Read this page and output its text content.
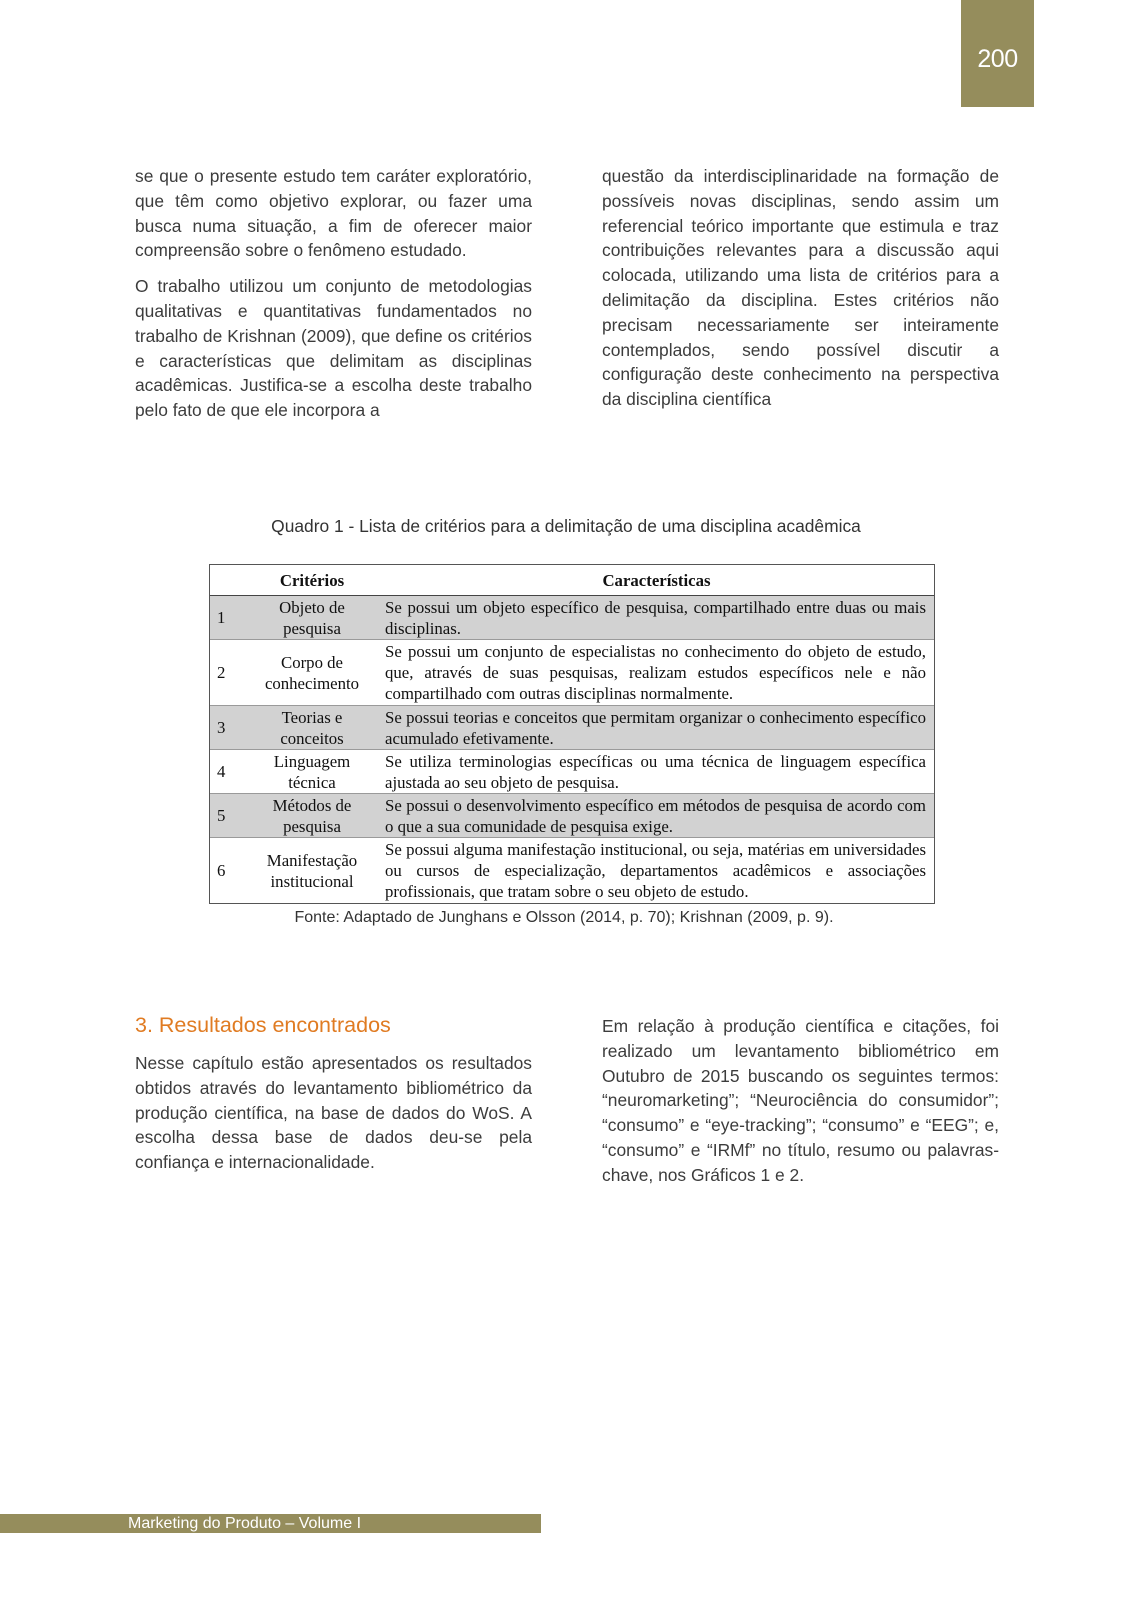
200

se que o presente estudo tem caráter exploratório, que têm como objetivo explorar, ou fazer uma busca numa situação, a fim de oferecer maior compreensão sobre o fenômeno estudado.

O trabalho utilizou um conjunto de metodologias qualitativas e quantitativas fundamentados no trabalho de Krishnan (2009), que define os critérios e características que delimitam as disciplinas acadêmicas. Justifica-se a escolha deste trabalho pelo fato de que ele incorpora a

questão da interdisciplinaridade na formação de possíveis novas disciplinas, sendo assim um referencial teórico importante que estimula e traz contribuições relevantes para a discussão aqui colocada, utilizando uma lista de critérios para a delimitação da disciplina. Estes critérios não precisam necessariamente ser inteiramente contemplados, sendo possível discutir a configuração deste conhecimento na perspectiva da disciplina científica

Quadro 1 - Lista de critérios para a delimitação de uma disciplina acadêmica
	Critérios	Características
1	Objeto de pesquisa	Se possui um objeto específico de pesquisa, compartilhado entre duas ou mais disciplinas.
2	Corpo de conhecimento	Se possui um conjunto de especialistas no conhecimento do objeto de estudo, que, através de suas pesquisas, realizam estudos específicos nele e não compartilhado com outras disciplinas normalmente.
3	Teorias e conceitos	Se possui teorias e conceitos que permitam organizar o conhecimento específico acumulado efetivamente.
4	Linguagem técnica	Se utiliza terminologias específicas ou uma técnica de linguagem específica ajustada ao seu objeto de pesquisa.
5	Métodos de pesquisa	Se possui o desenvolvimento específico em métodos de pesquisa de acordo com o que a sua comunidade de pesquisa exige.
6	Manifestação institucional	Se possui alguma manifestação institucional, ou seja, matérias em universidades ou cursos de especialização, departamentos acadêmicos e associações profissionais, que tratam sobre o seu objeto de estudo.
Fonte: Adaptado de Junghans e Olsson (2014, p. 70); Krishnan (2009, p. 9).
3. Resultados encontrados

Nesse capítulo estão apresentados os resultados obtidos através do levantamento bibliométrico da produção científica, na base de dados do WoS. A escolha dessa base de dados deu-se pela confiança e internacionalidade.

Em relação à produção científica e citações, foi realizado um levantamento bibliométrico em Outubro de 2015 buscando os seguintes termos: “neuromarketing”; “Neurociência do consumidor”; “consumo” e “eye-tracking”; “consumo” e “EEG”; e, “consumo” e “IRMf” no título, resumo ou palavras-chave, nos Gráficos 1 e 2.

Marketing do Produto – Volume I
